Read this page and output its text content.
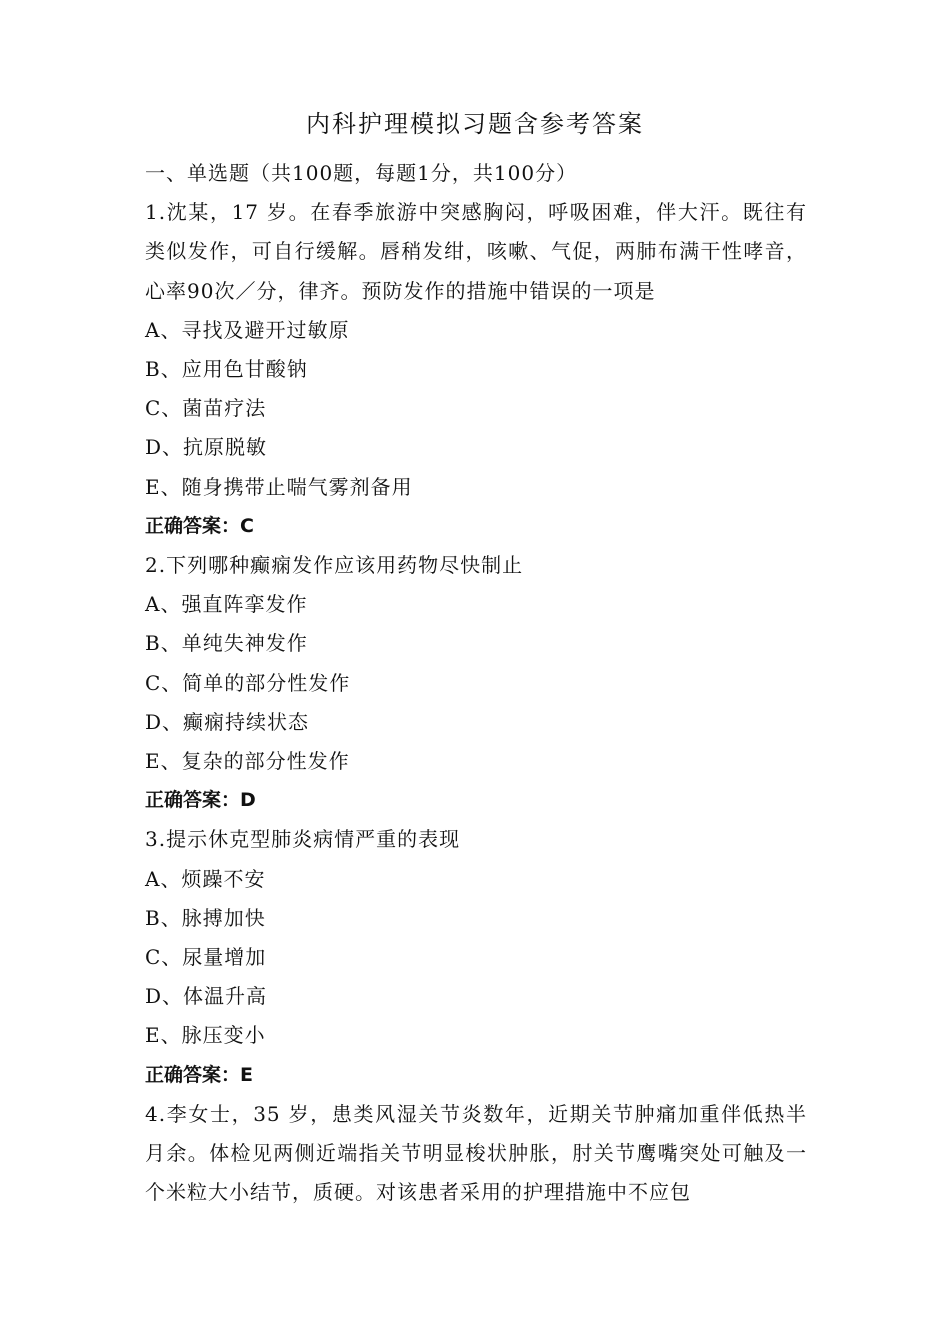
内科护理模拟习题含参考答案
一、单选题（共100题，每题1分，共100分）
1.沈某，17 岁。在春季旅游中突感胸闷，呼吸困难，伴大汗。既往有类似发作，可自行缓解。唇稍发绀，咳嗽、气促，两肺布满干性哮音，心率90次／分，律齐。预防发作的措施中错误的一项是
A、寻找及避开过敏原
B、应用色甘酸钠
C、菌苗疗法
D、抗原脱敏
E、随身携带止喘气雾剂备用
正确答案：C
2.下列哪种癫痫发作应该用药物尽快制止
A、强直阵挛发作
B、单纯失神发作
C、简单的部分性发作
D、癫痫持续状态
E、复杂的部分性发作
正确答案：D
3.提示休克型肺炎病情严重的表现
A、烦躁不安
B、脉搏加快
C、尿量增加
D、体温升高
E、脉压变小
正确答案：E
4.李女士，35 岁，患类风湿关节炎数年，近期关节肿痛加重伴低热半月余。体检见两侧近端指关节明显梭状肿胀，肘关节鹰嘴突处可触及一个米粒大小结节，质硬。对该患者采用的护理措施中不应包
